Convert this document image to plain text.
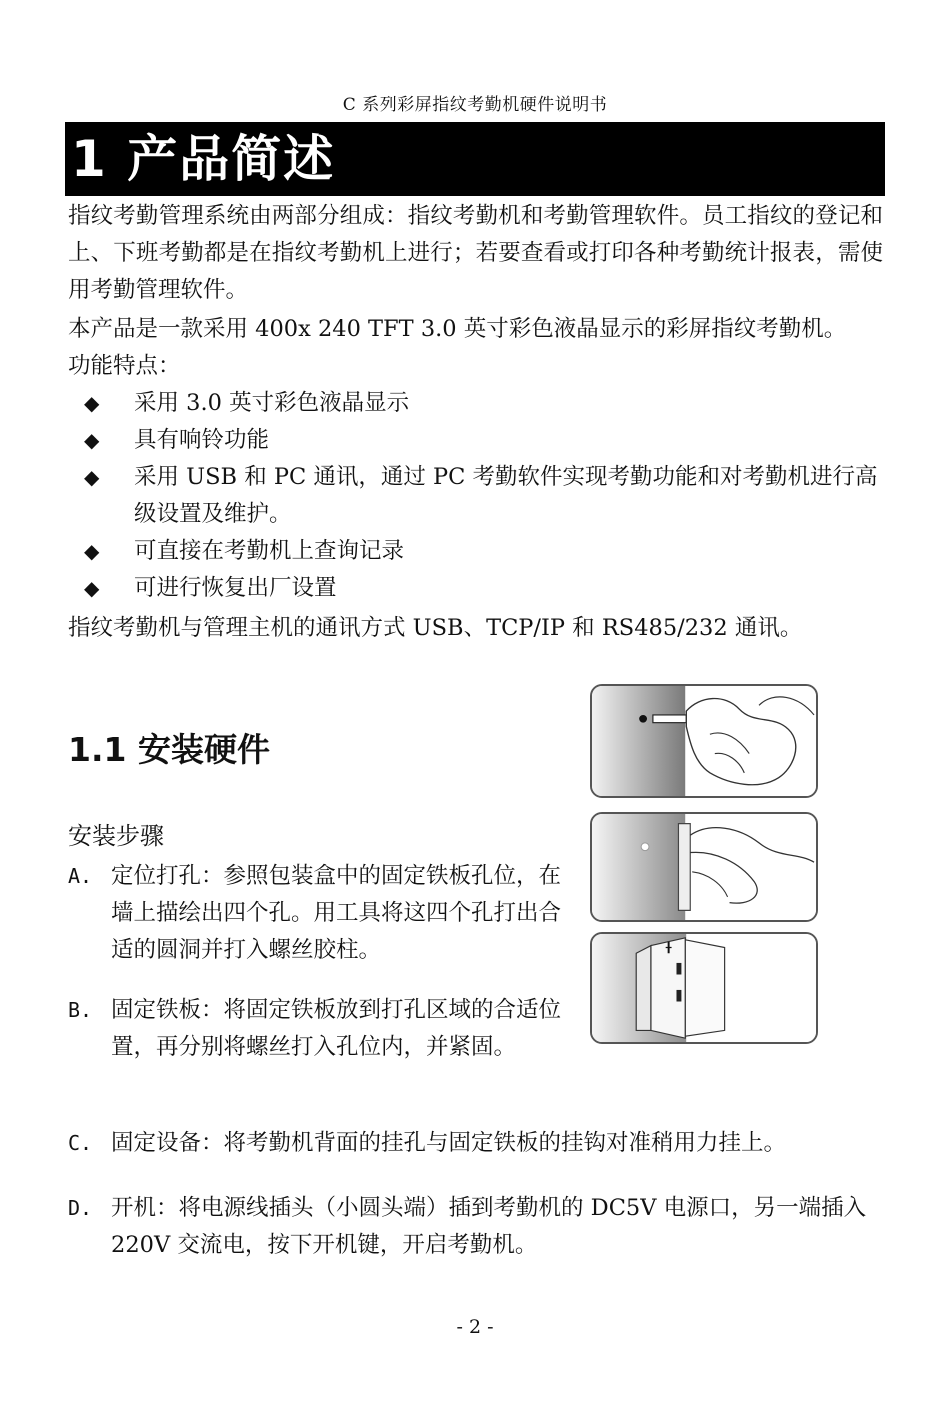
C 系列彩屏指纹考勤机硬件说明书
1 产品简述

指纹考勤管理系统由两部分组成：指纹考勤机和考勤管理软件。员工指纹的登记和上、下班考勤都是在指纹考勤机上进行；若要查看或打印各种考勤统计报表，需使用考勤管理软件。

本产品是一款采用 400x 240 TFT 3.0 英寸彩色液晶显示的彩屏指纹考勤机。

功能特点：

◆ 采用 3.0 英寸彩色液晶显示
◆ 具有响铃功能
◆ 采用 USB 和 PC 通讯，通过 PC 考勤软件实现考勤功能和对考勤机进行高级设置及维护。
◆ 可直接在考勤机上查询记录
◆ 可进行恢复出厂设置

指纹考勤机与管理主机的通讯方式 USB、TCP/IP 和 RS485/232 通讯。

1.1 安装硬件
安装步骤
A. 定位打孔：参照包装盒中的固定铁板孔位，在墙上描绘出四个孔。用工具将这四个孔打出合适的圆洞并打入螺丝胶柱。
B. 固定铁板：将固定铁板放到打孔区域的合适位置，再分别将螺丝打入孔位内，并紧固。
C. 固定设备：将考勤机背面的挂孔与固定铁板的挂钩对准稍用力挂上。
D. 开机：将电源线插头（小圆头端）插到考勤机的 DC5V 电源口，另一端插入 220V 交流电，按下开机键，开启考勤机。
- 2 -
